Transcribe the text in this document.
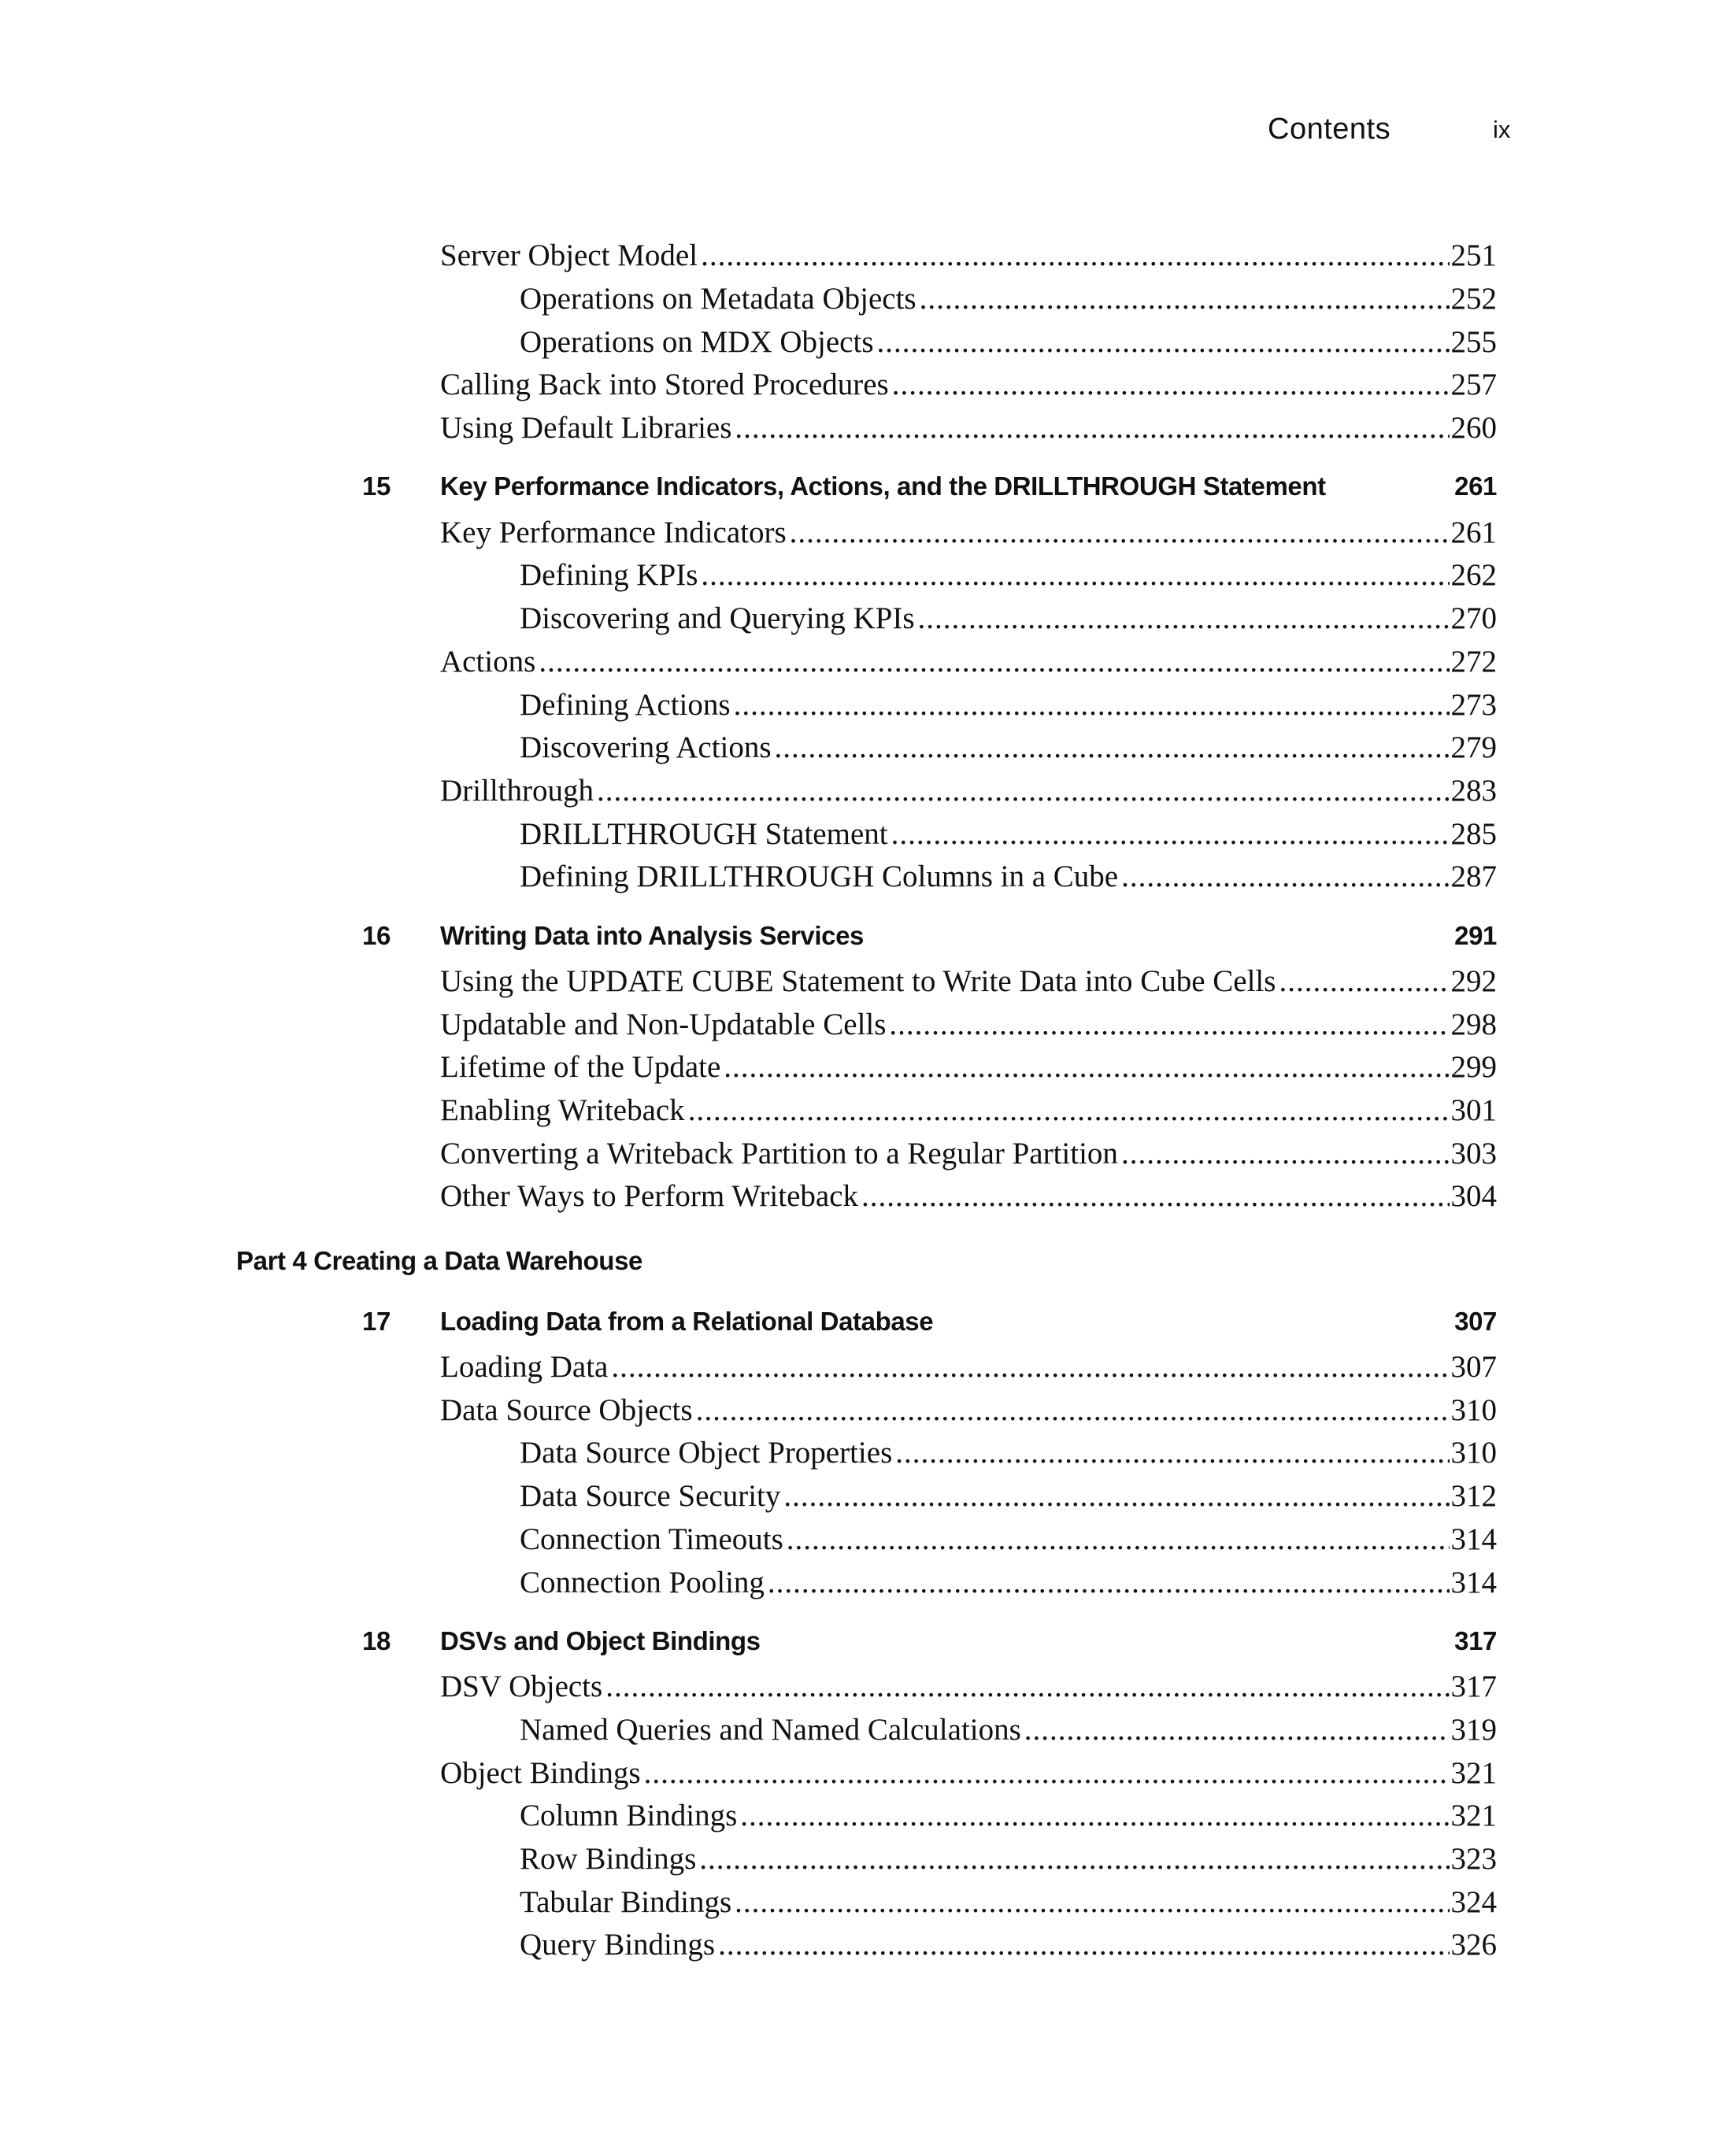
Contents	ix
Server Object Model .....	251
Operations on Metadata Objects .....	252
Operations on MDX Objects .....	255
Calling Back into Stored Procedures .....	257
Using Default Libraries .....	260
15 Key Performance Indicators, Actions, and the DRILLTHROUGH Statement	261
Key Performance Indicators .....	261
Defining KPIs .....	262
Discovering and Querying KPIs .....	270
Actions .....	272
Defining Actions .....	273
Discovering Actions .....	279
Drillthrough .....	283
DRILLTHROUGH Statement .....	285
Defining DRILLTHROUGH Columns in a Cube .....	287
16 Writing Data into Analysis Services	291
Using the UPDATE CUBE Statement to Write Data into Cube Cells .....	292
Updatable and Non-Updatable Cells .....	298
Lifetime of the Update .....	299
Enabling Writeback .....	301
Converting a Writeback Partition to a Regular Partition .....	303
Other Ways to Perform Writeback .....	304
Part 4 Creating a Data Warehouse
17 Loading Data from a Relational Database	307
Loading Data .....	307
Data Source Objects .....	310
Data Source Object Properties .....	310
Data Source Security .....	312
Connection Timeouts .....	314
Connection Pooling .....	314
18 DSVs and Object Bindings	317
DSV Objects .....	317
Named Queries and Named Calculations .....	319
Object Bindings .....	321
Column Bindings .....	321
Row Bindings .....	323
Tabular Bindings .....	324
Query Bindings .....	326
